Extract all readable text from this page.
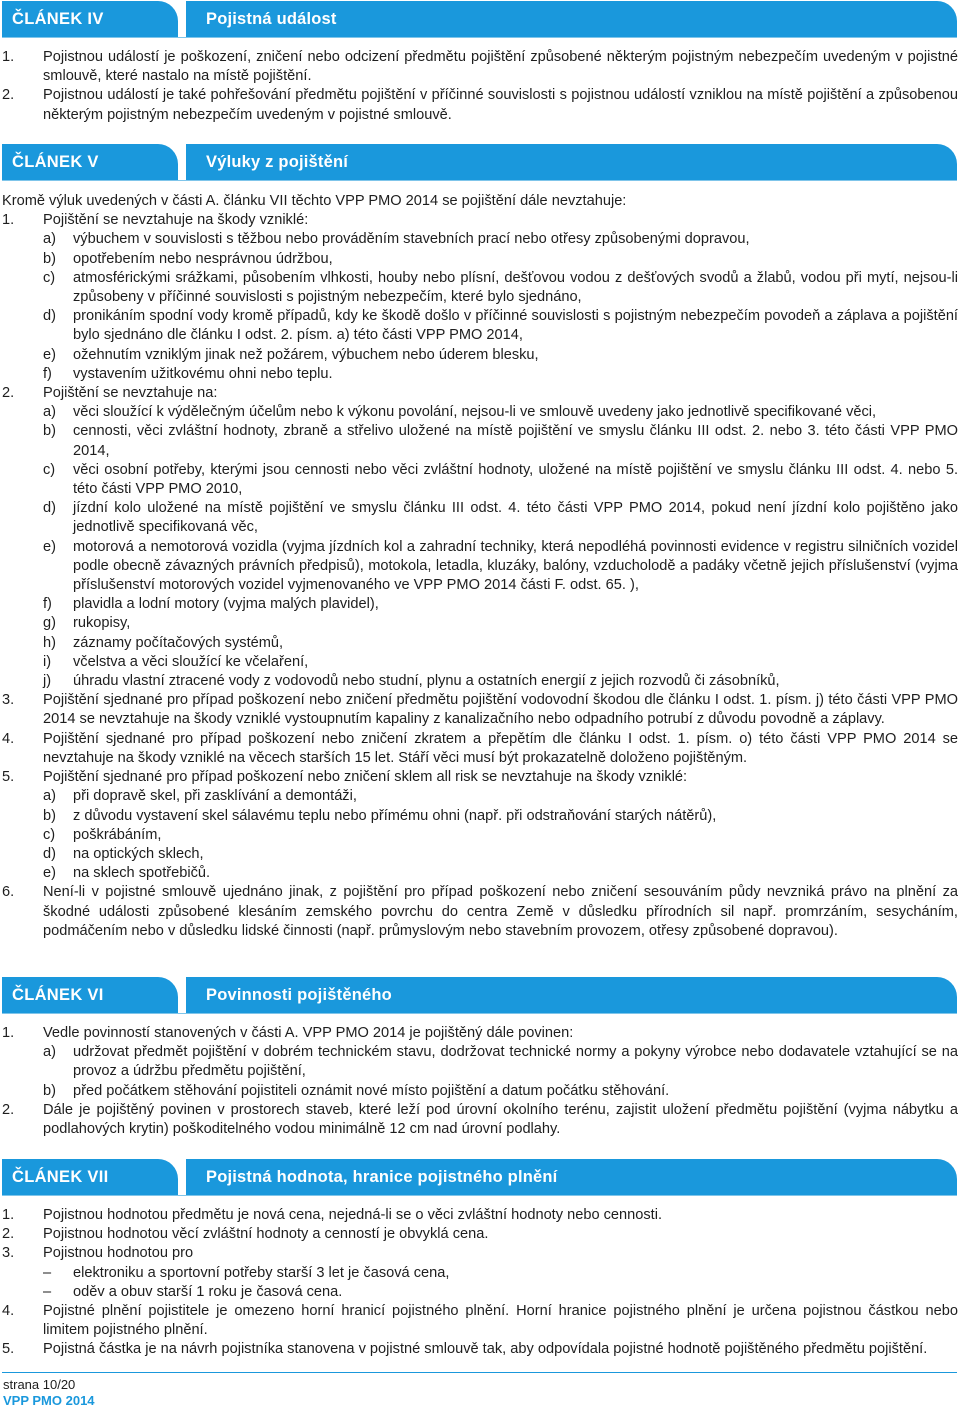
ČLÁNEK IV	Pojistná událost
1.	Pojistnou událostí je poškození, zničení nebo odcizení předmětu pojištění způsobené některým pojistným nebezpečím uvedeným v pojistné smlouvě, které nastalo na místě pojištění.
2.	Pojistnou událostí je také pohřešování předmětu pojištění v příčinné souvislosti s pojistnou událostí vzniklou na místě pojištění a způsobenou některým pojistným nebezpečím uvedeným v pojistné smlouvě.
ČLÁNEK V	Výluky z pojištění
Kromě výluk uvedených v části A. článku VII těchto VPP PMO 2014 se pojištění dále nevztahuje:
1.	Pojištění se nevztahuje na škody vzniklé:
a)	výbuchem v souvislosti s těžbou nebo prováděním stavebních prací nebo otřesy způsobenými dopravou,
b)	opotřebením nebo nesprávnou údržbou,
c)	atmosférickými srážkami, působením vlhkosti, houby nebo plísní, dešťovou vodou z dešťových svodů a žlabů, vodou při mytí, nejsou-li způsobeny v příčinné souvislosti s pojistným nebezpečím, které bylo sjednáno,
d)	pronikáním spodní vody kromě případů, kdy ke škodě došlo v příčinné souvislosti s pojistným nebezpečím povodeň a záplava a pojištění bylo sjednáno dle článku I odst. 2. písm. a) této části VPP PMO 2014,
e)	ožehnutím vzniklým jinak než požárem, výbuchem nebo úderem blesku,
f)	vystavením užitkovému ohni nebo teplu.
2.	Pojištění se nevztahuje na:
a)	věci sloužící k výdělečným účelům nebo k výkonu povolání, nejsou-li ve smlouvě uvedeny jako jednotlivě specifikované věci,
b)	cennosti, věci zvláštní hodnoty, zbraně a střelivo uložené na místě pojištění ve smyslu článku III odst. 2. nebo 3. této části VPP PMO 2014,
c)	věci osobní potřeby, kterými jsou cennosti nebo věci zvláštní hodnoty, uložené na místě pojištění ve smyslu článku III odst. 4. nebo 5. této části VPP PMO 2010,
d)	jízdní kolo uložené na místě pojištění ve smyslu článku III odst. 4. této části VPP PMO 2014, pokud není jízdní kolo pojištěno jako jednotlivě specifikovaná věc,
e)	motorová a nemotorová vozidla (vyjma jízdních kol a zahradní techniky, která nepodléhá povinnosti evidence v registru silničních vozidel podle obecně závazných právních předpisů), motokola, letadla, kluzáky, balóny, vzducholodě a padáky včetně jejich příslušenství (vyjma příslušenství motorových vozidel vyjmenovaného ve VPP PMO 2014 části F. odst. 65. ),
f)	plavidla a lodní motory (vyjma malých plavidel),
g)	rukopisy,
h)	záznamy počítačových systémů,
i)	včelstva a věci sloužící ke včelaření,
j)	úhradu vlastní ztracené vody z vodovodů nebo studní, plynu a ostatních energií z jejich rozvodů či zásobníků,
3.	Pojištění sjednané pro případ poškození nebo zničení předmětu pojištění vodovodní škodou dle článku I odst. 1. písm. j) této části VPP PMO 2014 se nevztahuje na škody vzniklé vystoupnutím kapaliny z kanalizačního nebo odpadního potrubí z důvodu povodně a záplavy.
4.	Pojištění sjednané pro případ poškození nebo zničení zkratem a přepětím dle článku I odst. 1. písm. o) této části VPP PMO 2014 se nevztahuje na škody vzniklé na věcech starších 15 let. Stáří věci musí být prokazatelně doloženo pojištěným.
5.	Pojištění sjednané pro případ poškození nebo zničení sklem all risk se nevztahuje na škody vzniklé:
a)	při dopravě skel, při zasklívání a demontáži,
b)	z důvodu vystavení skel sálavému teplu nebo přímému ohni (např. při odstraňování starých nátěrů),
c)	poškrábáním,
d)	na optických sklech,
e)	na sklech spotřebičů.
6.	Není-li v pojistné smlouvě ujednáno jinak, z pojištění pro případ poškození nebo zničení sesouváním půdy nevzniká právo na plnění za škodné události způsobené klesáním zemského povrchu do centra Země v důsledku přírodních sil např. promrzáním, sesycháním, podmáčením nebo v důsledku lidské činnosti (např. průmyslovým nebo stavebním provozem, otřesy způsobené dopravou).
ČLÁNEK VI	Povinnosti pojištěného
1.	Vedle povinností stanovených v části A. VPP PMO 2014 je pojištěný dále povinen:
a)	udržovat předmět pojištění v dobrém technickém stavu, dodržovat technické normy a pokyny výrobce nebo dodavatele vztahující se na provoz a údržbu předmětu pojištění,
b)	před počátkem stěhování pojistiteli oznámit nové místo pojištění a datum počátku stěhování.
2.	Dále je pojištěný povinen v prostorech staveb, které leží pod úrovní okolního terénu, zajistit uložení předmětu pojištění (vyjma nábytku a podlahových krytin) poškoditelného vodou minimálně 12 cm nad úrovní podlahy.
ČLÁNEK VII	Pojistná hodnota, hranice pojistného plnění
1.	Pojistnou hodnotou předmětu je nová cena, nejedná-li se o věci zvláštní hodnoty nebo cennosti.
2.	Pojistnou hodnotou věcí zvláštní hodnoty a cenností je obvyklá cena.
3.	Pojistnou hodnotou pro
–	elektroniku a sportovní potřeby starší 3 let je časová cena,
–	oděv a obuv starší 1 roku je časová cena.
4.	Pojistné plnění pojistitele je omezeno horní hranicí pojistného plnění. Horní hranice pojistného plnění je určena pojistnou částkou nebo limitem pojistného plnění.
5.	Pojistná částka je na návrh pojistníka stanovena v pojistné smlouvě tak, aby odpovídala pojistné hodnotě pojištěného předmětu pojištění.
strana 10/20
VPP PMO 2014
